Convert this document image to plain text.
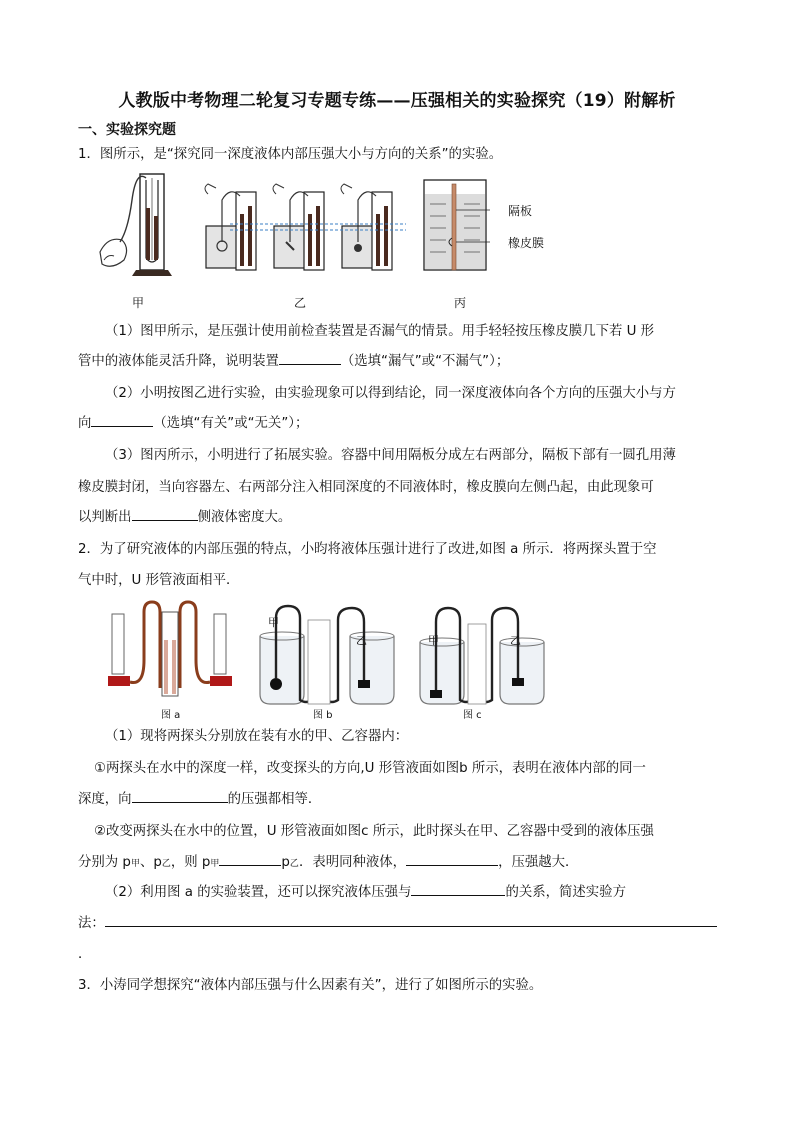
人教版中考物理二轮复习专题专练——压强相关的实验探究（19）附解析
一、实验探究题
1．图所示，是“探究同一深度液体内部压强大小与方向的关系”的实验。
隔板
橡皮膜
甲	乙	丙
（1）图甲所示，是压强计使用前检查装置是否漏气的情景。用手轻轻按压橡皮膜几下若 U 形
管中的液体能灵活升降，说明装置	（选填“漏气”或“不漏气”）；
（2）小明按图乙进行实验，由实验现象可以得到结论，同一深度液体向各个方向的压强大小与方
向	（选填“有关”或“无关”）；
（3）图丙所示，小明进行了拓展实验。容器中间用隔板分成左右两部分，隔板下部有一圆孔用薄
橡皮膜封闭，当向容器左、右两部分注入相同深度的不同液体时，橡皮膜向左侧凸起，由此现象可
以判断出	侧液体密度大。
2．为了研究液体的内部压强的特点，小昀将液体压强计进行了改进,如图 a 所示．将两探头置于空
气中时，U 形管液面相平．
甲
乙	甲	乙
图 a	图 b	图 c
（1）现将两探头分别放在装有水的甲、乙容器内：
①两探头在水中的深度一样，改变探头的方向,U 形管液面如图b 所示，表明在液体内部的同一
深度，向	的压强都相等．
②改变两探头在水中的位置，U 形管液面如图c 所示，此时探头在甲、乙容器中受到的液体压强
分别为 p甲、p乙，则 p甲	p乙．表明同种液体，	，压强越大．
（2）利用图 a 的实验装置，还可以探究液体压强与	的关系，简述实验方
法：
．
3．小涛同学想探究“液体内部压强与什么因素有关”，进行了如图所示的实验。
